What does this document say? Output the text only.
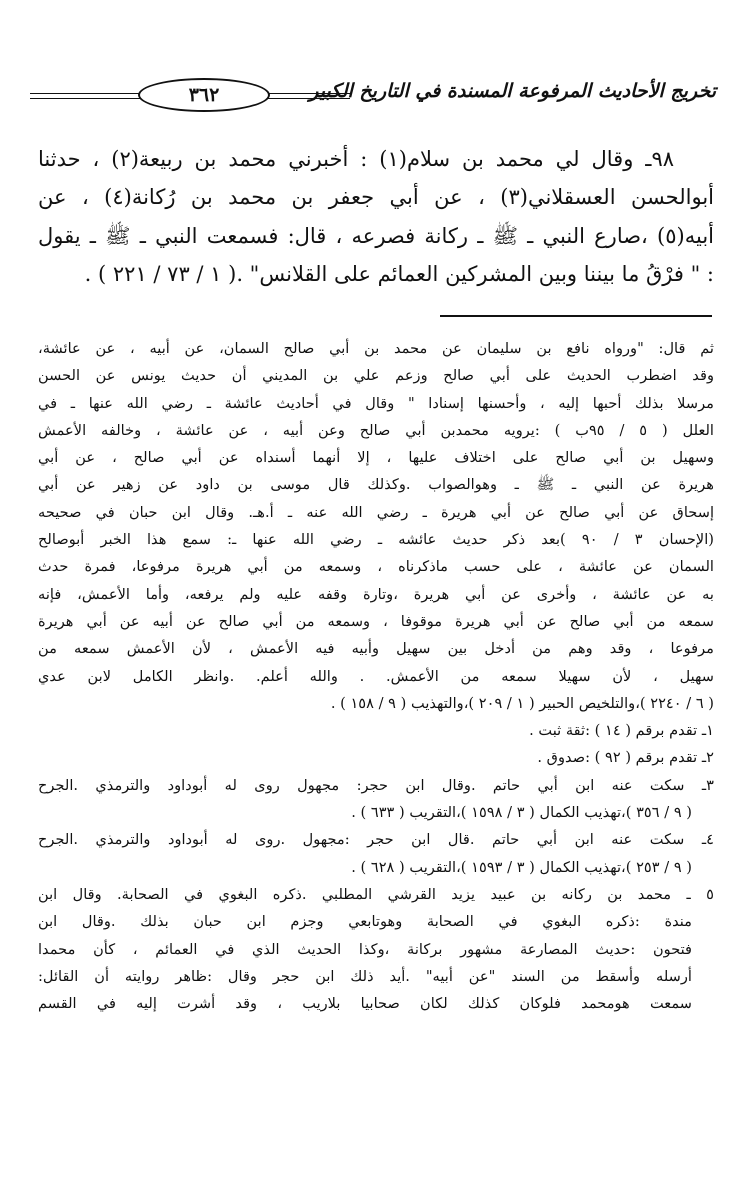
تخريج الأحاديث المرفوعة المسندة في التاريخ الكبير
٣٦٢
٩٨ـ وقال لي محمد بن سلام(١) : أخبرني محمد بن ربيعة(٢) ، حدثنا
أبوالحسن العسقلاني(٣) ، عن أبي جعفر بن محمد بن رُكانة(٤) ، عن
أبيه(٥) ،صارع النبي ـ ﷺ ـ ركانة فصرعه ، قال: فسمعت النبي ـ ﷺ ـ يقول
: " فرْقُ ما بيننا وبين المشركين العمائم على القلانس" .( ١ / ٧٣ / ٢٢١ ) .
ثم قال: "ورواه نافع بن سليمان عن محمد بن أبي صالح السمان، عن أبيه ، عن عائشة،
وقد اضطرب الحديث على أبي صالح وزعم علي بن المديني أن حديث يونس عن الحسن
مرسلا بذلك أحبها إليه ، وأحسنها إسنادا " وقال في أحاديث عائشة ـ رضي الله عنها ـ في
العلل ( ٥ / ٩٥ب ) :يرويه محمدبن أبي صالح وعن أبيه ، عن عائشة ، وخالفه الأعمش
وسهيل بن أبي صالح على اختلاف عليها ، إلا أنهما أسنداه عن أبي صالح ، عن أبي
هريرة عن النبي ـ ﷺ ـ وهوالصواب .وكذلك قال موسى بن داود عن زهير عن أبي
إسحاق عن أبي صالح عن أبي هريرة ـ رضي الله عنه ـ أ.هـ. وقال ابن حبان في صحيحه
(الإحسان ٣ / ٩٠ )بعد ذكر حديث عائشه ـ رضي الله عنها ـ: سمع هذا الخبر أبوصالح
السمان عن عائشة ، على حسب ماذكرناه ، وسمعه من أبي هريرة مرفوعا، فمرة حدث
به عن عائشة ، وأخرى عن أبي هريرة ،وتارة وقفه عليه ولم يرفعه، وأما الأعمش، فإنه
سمعه من أبي صالح عن أبي هريرة موقوفا ، وسمعه من أبي صالح عن أبيه عن أبي هريرة
مرفوعا ، وقد وهم من أدخل بين سهيل وأبيه فيه الأعمش ، لأن الأعمش سمعه من
سهيل ، لأن سهيلا سمعه من الأعمش. . والله أعلم. .وانظر الكامل لابن عدي
( ٦ / ٢٢٤٠ )،والتلخيص الحبير ( ١ / ٢٠٩ )،والتهذيب ( ٩ / ١٥٨ ) .
١ـ تقدم برقم ( ١٤ ) :ثقة ثبت .
٢ـ تقدم برقم ( ٩٢ ) :صدوق .
٣ـ سكت عنه ابن أبي حاتم .وقال ابن حجر: مجهول روى له أبوداود والترمذي .الجرح
( ٩ / ٣٥٦ )،تهذيب الكمال ( ٣ / ١٥٩٨ )،التقريب ( ٦٣٣ ) .
٤ـ سكت عنه ابن أبي حاتم .قال ابن حجر :مجهول .روى له أبوداود والترمذي .الجرح
( ٩ / ٢٥٣ )،تهذيب الكمال ( ٣ / ١٥٩٣ )،التقريب ( ٦٢٨ ) .
٥ ـ محمد بن ركانه بن عبيد يزيد القرشي المطلبي .ذكره البغوي في الصحابة. وقال ابن
مندة :ذكره البغوي في الصحابة وهوتابعي وجزم ابن حبان بذلك .وقال ابن
فتحون :حديث المصارعة مشهور بركانة ،وكذا الحديث الذي في العمائم ، كأن محمدا
أرسله وأسقط من السند "عن أبيه" .أيد ذلك ابن حجر وقال :ظاهر روايته أن القائل:
سمعت هومحمد فلوكان كذلك لكان صحابيا بلاريب ، وقد أشرت إليه في القسم
